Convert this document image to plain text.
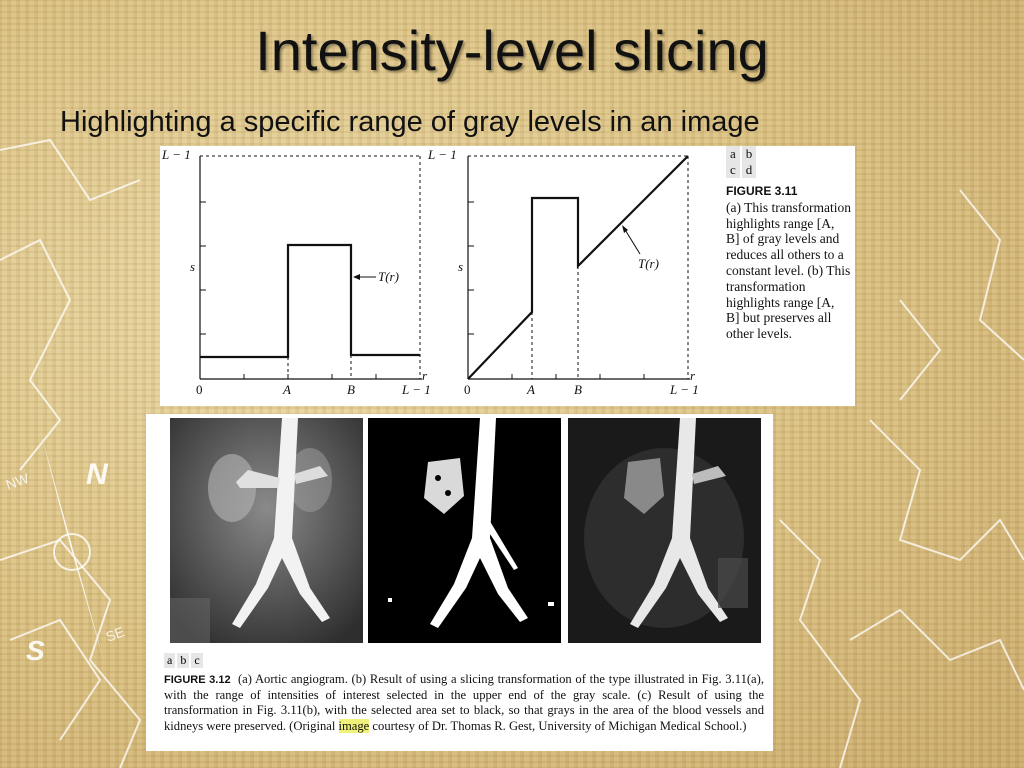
N
S
NW
SE
Intensity-level slicing
Highlighting a specific range of gray levels in an image
L − 1
s
r
T(r)
0	A	B	L − 1
L − 1
s
r
T(r)
0	A	B	L − 1
a b
c d
FIGURE 3.11
(a) This transformation highlights range [A, B] of gray levels and reduces all others to a constant level. (b) This transformation highlights range [A, B] but preserves all other levels.
a b c
FIGURE 3.12 (a) Aortic angiogram. (b) Result of using a slicing transformation of the type illustrated in Fig. 3.11(a), with the range of intensities of interest selected in the upper end of the gray scale. (c) Result of using the transformation in Fig. 3.11(b), with the selected area set to black, so that grays in the area of the blood vessels and kidneys were preserved. (Original image courtesy of Dr. Thomas R. Gest, University of Michigan Medical School.)
